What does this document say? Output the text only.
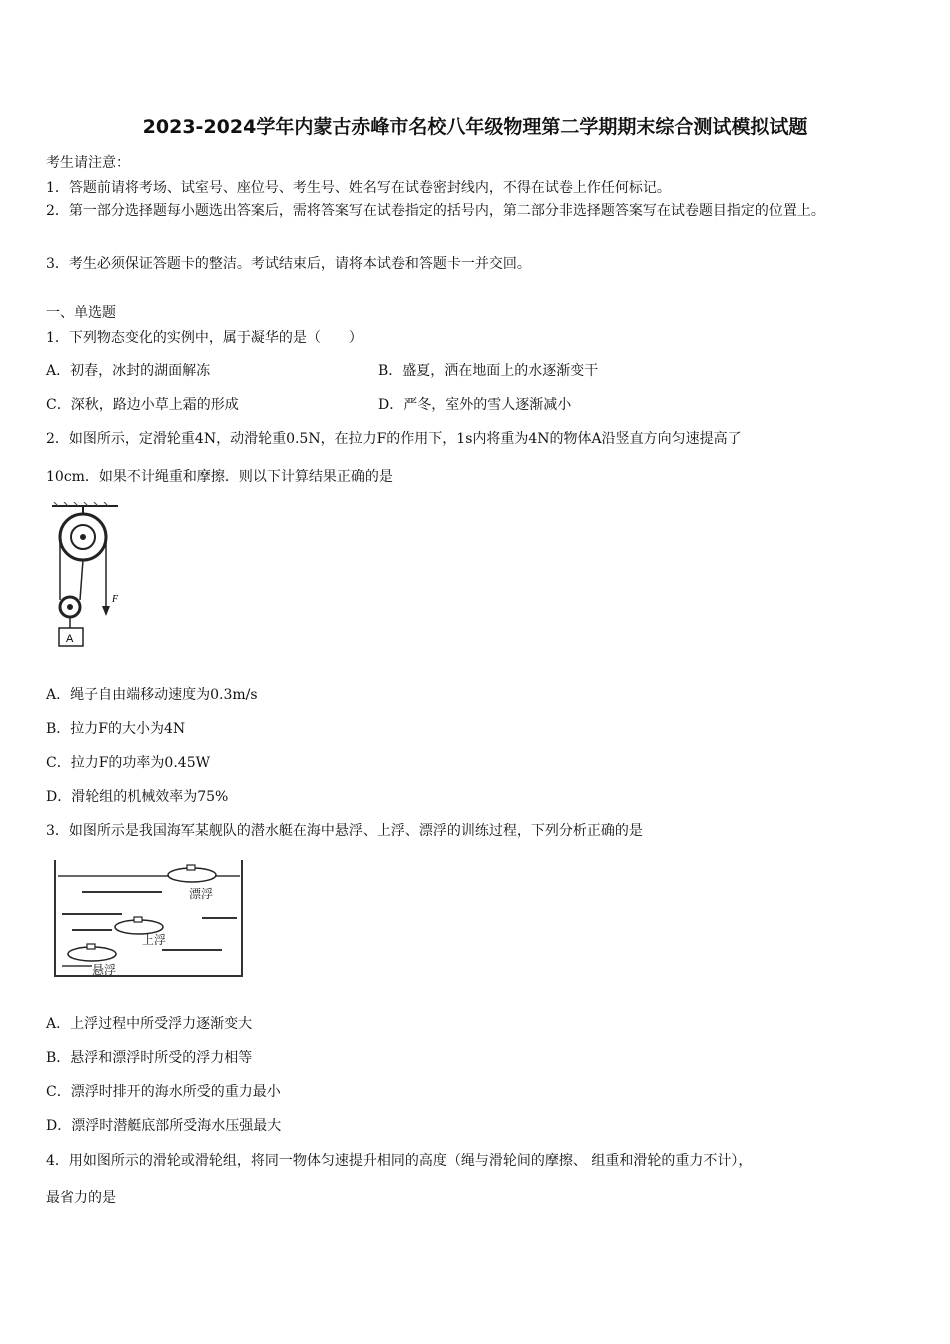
2023-2024学年内蒙古赤峰市名校八年级物理第二学期期末综合测试模拟试题
考生请注意：
1．答题前请将考场、试室号、座位号、考生号、姓名写在试卷密封线内，不得在试卷上作任何标记。
2．第一部分选择题每小题选出答案后，需将答案写在试卷指定的括号内，第二部分非选择题答案写在试卷题目指定的位置上。
3．考生必须保证答题卡的整洁。考试结束后，请将本试卷和答题卡一并交回。
一、单选题
1．下列物态变化的实例中，属于凝华的是（　　）
A．初春，冰封的湖面解冻	B．盛夏，洒在地面上的水逐渐变干
C．深秋，路边小草上霜的形成	D．严冬，室外的雪人逐渐减小
2．如图所示，定滑轮重4N，动滑轮重0.5N，在拉力F的作用下，1s内将重为4N的物体A沿竖直方向匀速提高了
10cm．如果不计绳重和摩擦．则以下计算结果正确的是
A
F
A．绳子自由端移动速度为0.3m/s
B．拉力F的大小为4N
C．拉力F的功率为0.45W
D．滑轮组的机械效率为75%
3．如图所示是我国海军某舰队的潜水艇在海中悬浮、上浮、漂浮的训练过程，下列分析正确的是
漂浮
上浮
悬浮
A．上浮过程中所受浮力逐渐变大
B．悬浮和漂浮时所受的浮力相等
C．漂浮时排开的海水所受的重力最小
D．漂浮时潜艇底部所受海水压强最大
4．用如图所示的滑轮或滑轮组，将同一物体匀速提升相同的高度（绳与滑轮间的摩擦、 组重和滑轮的重力不计），
最省力的是
